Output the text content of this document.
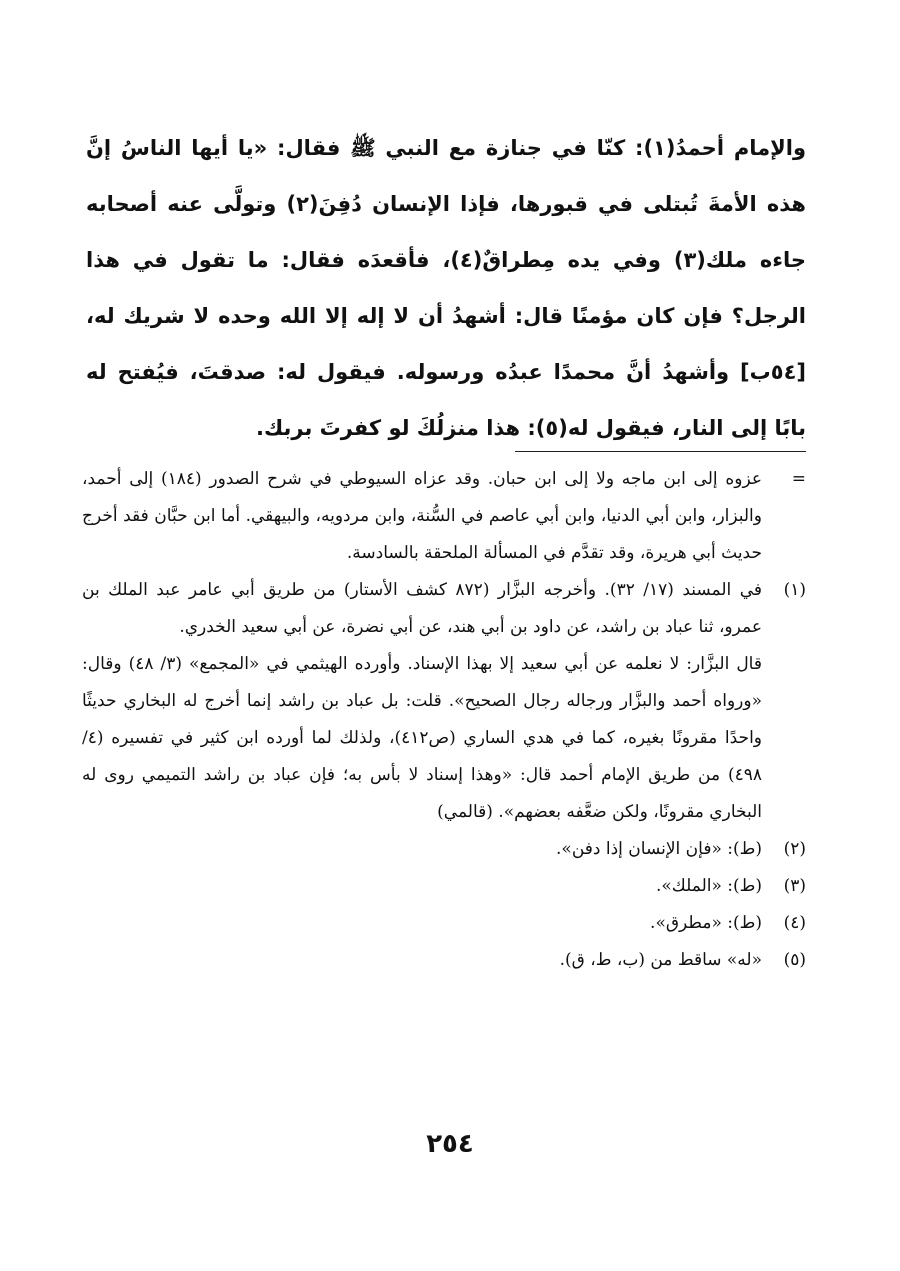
والإمام أحمدُ(١): كنّا في جنازة مع النبي ﷺ فقال: «يا أيها الناسُ إنَّ هذه الأمةَ تُبتلى في قبورها، فإذا الإنسان دُفِنَ(٢) وتولَّى عنه أصحابه جاءه ملك(٣) وفي يده مِطراقٌ(٤)، فأقعدَه فقال: ما تقول في هذا الرجل؟ فإن كان مؤمنًا قال: أشهدُ أن لا إله إلا الله وحده لا شريك له، [٥٤ب] وأشهدُ أنَّ محمدًا عبدُه ورسوله. فيقول له: صدقتَ، فيُفتح له بابًا إلى النار، فيقول له(٥): هذا منزلُكَ لو كفرتَ بربك.

=

عزوه إلى ابن ماجه ولا إلى ابن حبان. وقد عزاه السيوطي في شرح الصدور (١٨٤) إلى أحمد، والبزار، وابن أبي الدنيا، وابن أبي عاصم في السُّنة، وابن مردويه، والبيهقي. أما ابن حبَّان فقد أخرج حديث أبي هريرة، وقد تقدَّم في المسألة الملحقة بالسادسة.

(١)

في المسند (١٧/ ٣٢). وأخرجه البزَّار (٨٧٢ كشف الأستار) من طريق أبي عامر عبد الملك بن عمرو، ثنا عباد بن راشد، عن داود بن أبي هند، عن أبي نضرة، عن أبي سعيد الخدري.

قال البزَّار: لا نعلمه عن أبي سعيد إلا بهذا الإسناد. وأورده الهيثمي في «المجمع» (٣/ ٤٨) وقال: «ورواه أحمد والبزَّار ورجاله رجال الصحيح». قلت: بل عباد بن راشد إنما أخرج له البخاري حديثًا واحدًا مقرونًا بغيره، كما في هدي الساري (ص٤١٢)، ولذلك لما أورده ابن كثير في تفسيره (٤/ ٤٩٨) من طريق الإمام أحمد قال: «وهذا إسناد لا بأس به؛ فإن عباد بن راشد التميمي روى له البخاري مقرونًا، ولكن ضعَّفه بعضهم». (قالمي)

(٢)

(ط): «فإن الإنسان إذا دفن».

(٣)

(ط): «الملك».

(٤)

(ط): «مطرق».

(٥)

«له» ساقط من (ب، ط، ق).

٢٥٤
